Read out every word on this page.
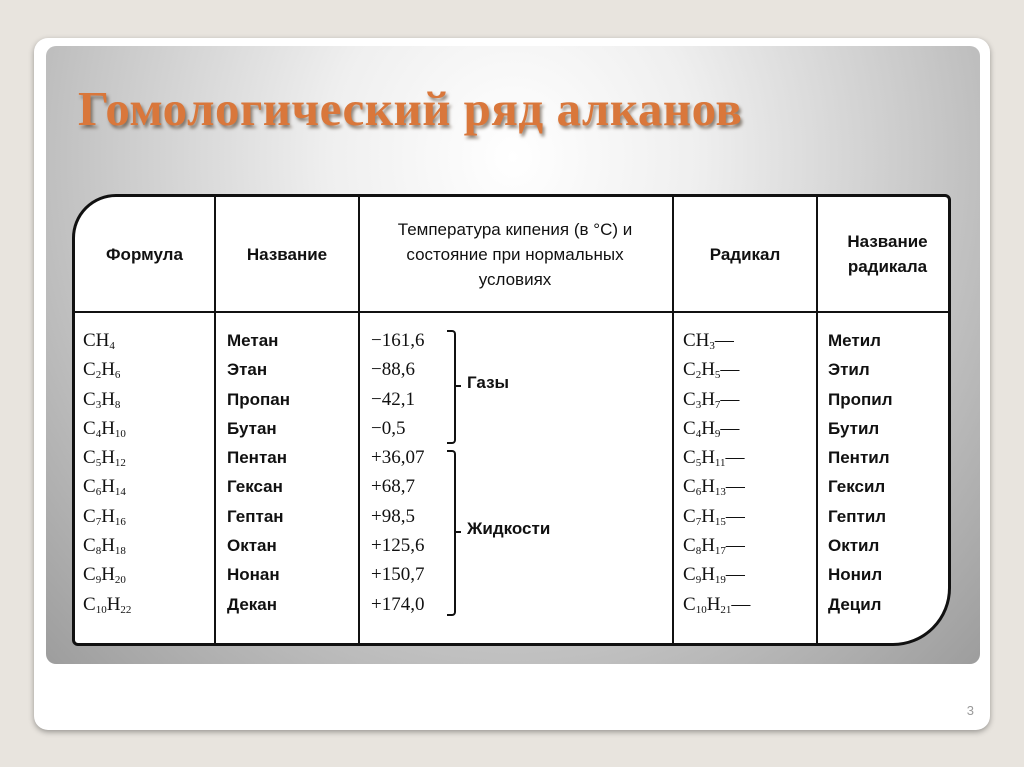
Гомологический ряд алканов
Формула	Название
Температура кипения (в °С) и состояние при нормальных условиях
Радикал
Название радикала
$CH_4$
$C_2H_6$
$C_3H_8$
$C_4H_{10}$
$C_5H_{12}$
$C_6H_{14}$
$C_7H_{16}$
$C_8H_{18}$
$C_9H_{20}$
$C_{10}H_{22}$
Метан
Этан
Пропан
Бутан
Пентан
Гексан
Гептан
Октан
Нонан
Декан
−161,6
−88,6
−42,1
−0,5
+36,07
+68,7
+98,5
+125,6
+150,7
+174,0
$CH_3—$
$C_2H_5—$
$C_3H_7—$
$C_4H_9—$
$C_5H_{11}—$
$C_6H_{13}—$
$C_7H_{15}—$
$C_8H_{17}—$
$C_9H_{19}—$
$C_{10}H_{21}—$
Метил
Этил
Пропил
Бутил
Пентил
Гексил
Гептил
Октил
Нонил
Децил
Газы
Жидкости
3
